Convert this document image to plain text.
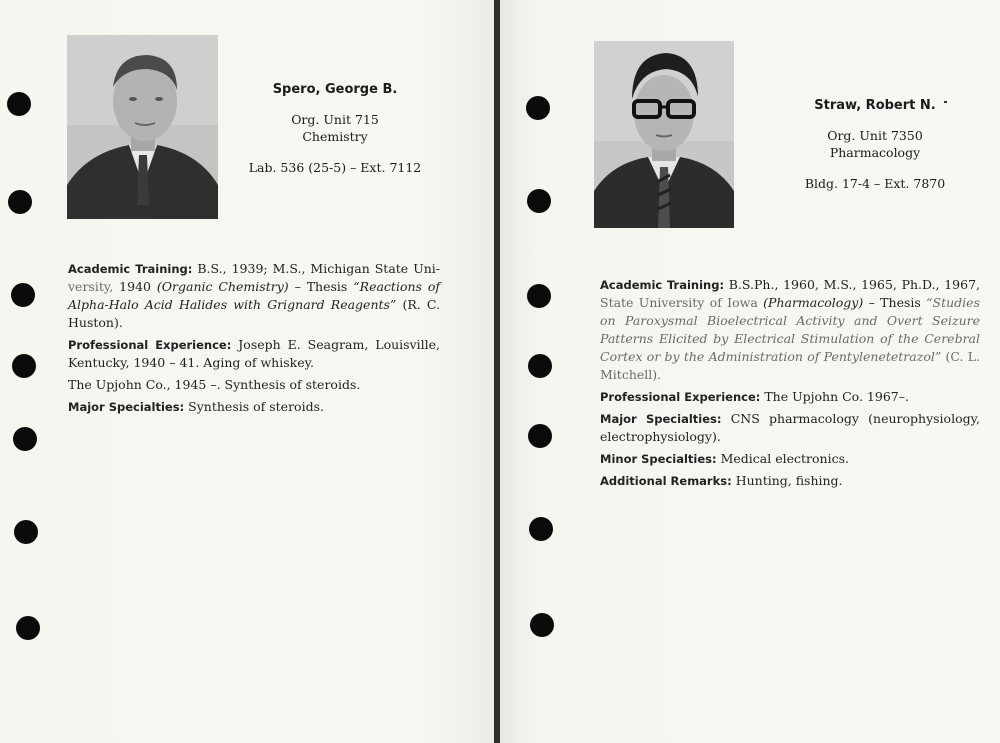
Spero, George B.
Org. Unit 715
Chemistry
Lab. 536 (25-5) – Ext. 7112

Academic Training: B.S., 1939; M.S., Michigan State Uni- versity, 1940 (Organic Chemistry) – Thesis “Reactions of Alpha-Halo Acid Halides with Grignard Reagents” (R. C. Huston).

Professional Experience: Joseph E. Seagram, Louisville, Kentucky, 1940 – 41. Aging of whiskey.

The Upjohn Co., 1945 –. Synthesis of steroids.

Major Specialties: Synthesis of steroids.

Straw, Robert N.
Org. Unit 7350
Pharmacology
Bldg. 17-4 – Ext. 7870

Academic Training: B.S.Ph., 1960, M.S., 1965, Ph.D., 1967, State University of Iowa (Pharmacology) – Thesis “Studies on Paroxysmal Bioelectrical Activity and Overt Seizure Patterns Elicited by Electrical Stimulation of the Cerebral Cortex or by the Administration of Pentylenetetrazol” (C. L. Mitchell).

Professional Experience: The Upjohn Co. 1967–.

Major Specialties: CNS pharmacology (neurophysiology, electrophysiology).

Minor Specialties: Medical electronics.

Additional Remarks: Hunting, fishing.
